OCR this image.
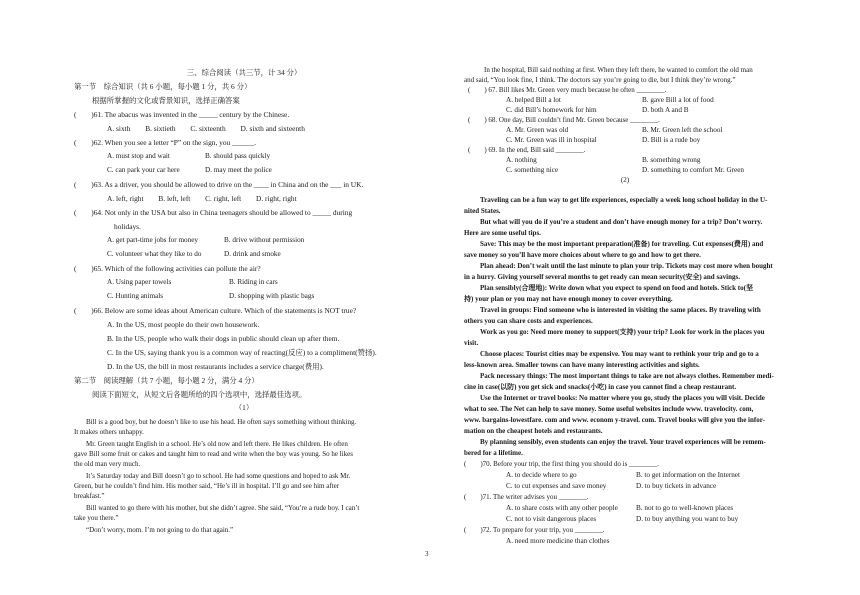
三、综合阅读（共三节，计 34 分）
第一节　综合知识（共 6 小题，每小题 1 分，共 6 分）
根据所掌握的文化或背景知识，选择正确答案
(　　)61. The abacus was invented in the _____ century by the Chinese.
A. sixth　　B. sixtieth　　C. sixteenth　　D. sixth and sixteenth
(　　)62. When you see a letter “P” on the sign, you ______.
A. must stop and wait	B. should pass quickly
C. can park your car here	D. may meet the police
(　　)63. As a driver, you should be allowed to drive on the ____ in China and on the ___ in UK.
A. left, right　　B. left, left　　C. right, left　　D. right, right
(　　)64. Not only in the USA but also in China teenagers should be allowed to _____ during
holidays.
A. get part-time jobs for money	B. drive without permission
C. volunteer what they like to do	D. drink and smoke
(　　)65. Which of the following activities can pollute the air?
A. Using paper towels	B. Riding in cars
C. Hunting animals	D. shopping with plastic bags
(　　)66. Below are some ideas about American culture. Which of the statements is NOT true?
A. In the US, most people do their own housework.
B. In the US, people who walk their dogs in public should clean up after them.
C. In the US, saying thank you is a common way of reacting(反应) to a compliment(赞扬).
D. In the US, the bill in most restaurants includes a service charge(费用).
第二节　阅读理解（共 7 小题，每小题 2 分，满分 4 分）
阅读下面短文，从短文后各题所给的四个选项中，选择最佳选项。
（1）
Bill is a good boy, but he doesn’t like to use his head. He often says something without thinking.
It makes others unhappy.
Mr. Green taught English in a school. He’s old now and left there. He likes children. He often
gave Bill some fruit or cakes and taught him to read and write when the boy was young. So he likes
the old man very much.
It’s Saturday today and Bill doesn’t go to school. He had some questions and hoped to ask Mr.
Green, but he couldn’t find him. His mother said, “He’s ill in hospital. I’ll go and see him after
breakfast.”
Bill wanted to go there with his mother, but she didn’t agree. She said, “You’re a rude boy. I can’t
take you there.”
“Don’t worry, mom. I’m not going to do that again.”
In the hospital, Bill said nothing at first. When they left there, he wanted to comfort the old man
and said, “You look fine, I think. The doctors say you’re going to die, but I think they’re wrong.”
(　　) 67. Bill likes Mr. Green very much because he often ________.
A. helped Bill a lot	B. gave Bill a lot of food
C. did Bill’s homework for him	D. both A and B
(　　) 68. One day, Bill couldn’t find Mr. Green because ________.
A. Mr. Green was old	B. Mr. Green left the school
C. Mr. Green was ill in hospital	D. Bill is a rude boy
(　　) 69. In the end, Bill said ________.
A. nothing	B. something wrong
C. something nice	D. something to comfort Mr. Green
(2)
Traveling can be a fun way to get life experiences, especially a week long school holiday in the U-
nited States.
But what will you do if you’re a student and don’t have enough money for a trip? Don’t worry.
Here are some useful tips.
Save: This may be the most important preparation(准备) for traveling. Cut expenses(费用) and
save money so you’ll have more choices about where to go and how to get there.
Plan ahead: Don’t wait until the last minute to plan your trip. Tickets may cost more when bought
in a hurry. Giving yourself several months to get ready can mean security(安全) and savings.
Plan sensibly(合理地): Write down what you expect to spend on food and hotels. Stick to(坚
持) your plan or you may not have enough money to cover everything.
Travel in groups: Find someone who is interested in visiting the same places. By traveling with
others you can share costs and experiences.
Work as you go: Need more money to support(支持) your trip? Look for work in the places you
visit.
Choose places: Tourist cities may be expensive. You may want to rethink your trip and go to a
less-known area. Smaller towns can have many interesting activities and sights.
Pack necessary things: The most important things to take are not always clothes. Remember medi-
cine in case(以防) you get sick and snacks(小吃) in case you cannot find a cheap restaurant.
Use the Internet or travel books: No matter where you go, study the places you will visit. Decide
what to see. The Net can help to save money. Some useful websites include www. travelocity. com,
www. bargains-lowestfare. com and www. econom y-travel. com. Travel books will give you the infor-
mation on the cheapest hotels and restaurants.
By planning sensibly, even students can enjoy the travel. Your travel experiences will be remem-
bered for a lifetime.
(　　)70. Before your trip, the first thing you should do is ________.
A. to decide where to go	B. to get information on the Internet
C. to cut expenses and save money	D. to buy tickets in advance
(　　)71. The writer advises you ________.
A. to share costs with any other people	B. not to go to well-known places
C. not to visit dangerous places	D. to buy anything you want to buy
(　　)72. To prepare for your trip, you ________.
A. need more medicine than clothes
3
